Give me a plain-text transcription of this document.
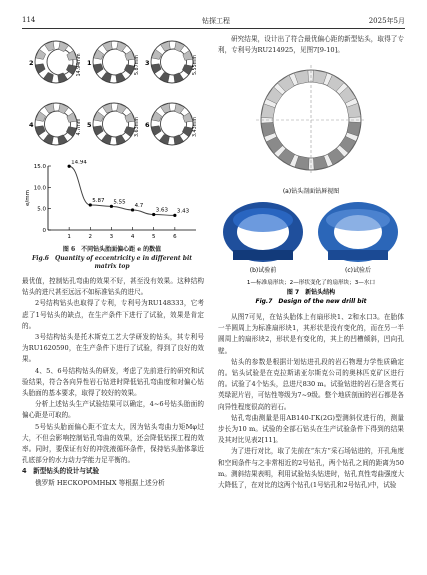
114	钻探工程	2025年5月
2	14.94mm 1	5.87mm 3	5.55mm
4	4.7mm 5	3.63mm 6	3.43mm
0
5.0
10.0
15.0
e/mm
1	2	3	4	5	6
14.94
5.87 5.55
4.7
3.63 3.43
图 6　不同钻头胎面偏心距 e 的数值
Fig.6　Quantity of eccentricity e in different bit matrix top

最优值，控制钻孔弯曲的效果不好，甚至没有效果。这种结构钻头的进尺甚至远远不如标准钻头的进尺。

2号结构钻头也取得了专利，专利号为RU148333，它考虑了1号钻头的缺点，在生产条件下进行了试验，效果是肯定的。

3号结构钻头是托木斯克工艺大学研发的钻头，其专利号为RU1620590，在生产条件下进行了试验，得到了良好的效果。

4、5、6号结构钻头的研发，考虑了先前进行的研究和试验结果，符合各向异性岩石钻进时降低钻孔弯曲度和对偏心钻头胎面的基本要求，取得了较好的效果。

分析上述钻头生产试验结果可以确定，4~6号钻头胎面的偏心距是可取的。

5号钻头胎面偏心距不宜太大，因为钻头弯曲力矩Mφ过大，不但会影响控制钻孔弯曲的效果，还会降低钻探工程的效率。同时，要保证有好的冲洗液循环条件，保持钻头胎体靠近孔底部分的水力动力学能力足平衡的。

4　新型钻头的设计与试验

俄罗斯 НЕСКОРОМНЫХ 等根据上述分析

研究结果，设计出了符合最优偏心距的新型钻头，取得了专利，专利号为RU214925，见图7[9-10]。

(a)钻头剖面钻唇视图
(b)试验前	(c)试验后
1—标准扇形块；2—形状变化了的扇形块；3—水口
图 7　新钻头结构
Fig.7　Design of the new drill bit

从图7可见，在钻头胎体上有扇形块1、2和水口3。在胎体一半圆周上为标准扇形块1，其形状是没有变化的，而在另一半圆周上的扇形块2，形状是有变化的，其上的凹槽倾斜，凹向孔壁。

钻头的参数是根据计划钻进孔段的岩石物理力学性质确定的。钻头试验是在克拉斯诺亚尔斯克公司的奥林匹克矿区进行的。试验了4个钻头，总进尺830 m。试验钻进的岩石是含英石英绿泥片岩，可钻性等级为7~9级。整个地质剖面的岩石都是各向异性程度很高的岩石。

钻孔弯曲测量是用АВ140-ГК(2G)型测斜仪进行的，测量步长为10 m。试验的全部石钻头在生产试验条件下得到的结果及其对比见表2[11]。

为了进行对比，取了先前在“东方”采石场钻进的，开孔角度和空间条件与之非常相近的2号钻孔，两个钻孔之间的距离为50 m。测斜结果表明，利用试验钻头钻进时，钻孔真性弯曲强度大大降低了，在对比的这两个钻孔(1号钻孔和2号钻孔)中，试验
